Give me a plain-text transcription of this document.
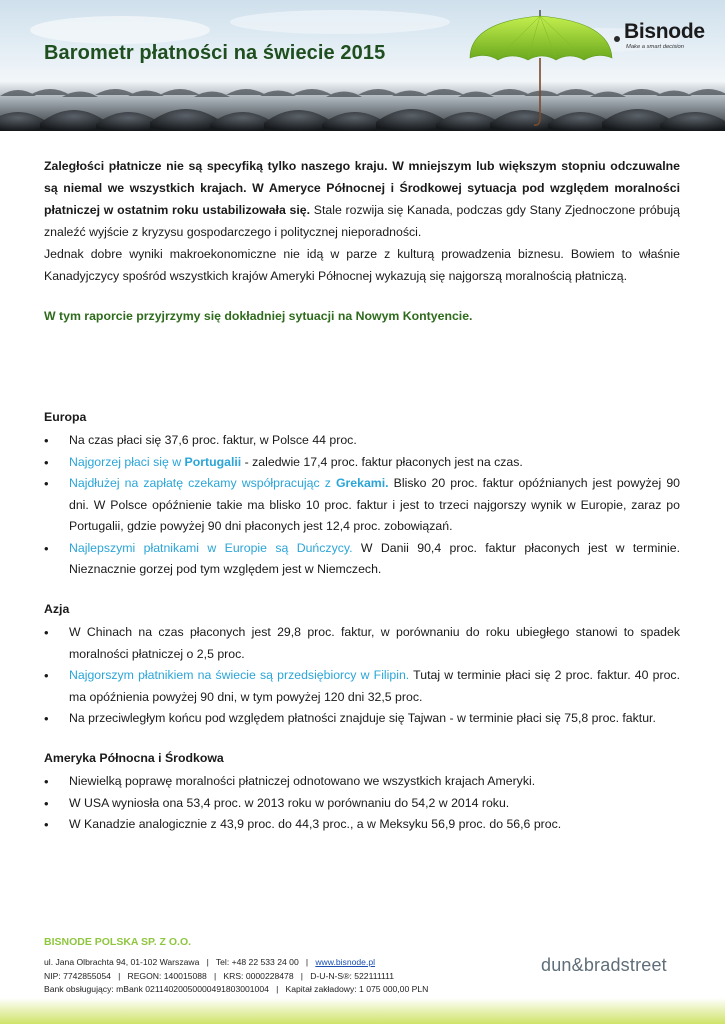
Barometr płatności na świecie 2015
Bisnode
Make a smart decision

Zaległości płatnicze nie są specyfiką tylko naszego kraju. W mniejszym lub większym stopniu odczuwalne są niemal we wszystkich krajach. W Ameryce Północnej i Środkowej sytuacja pod względem moralności płatniczej w ostatnim roku ustabilizowała się. Stale rozwija się Kanada, podczas gdy Stany Zjednoczone próbują znaleźć wyjście z kryzysu gospodarczego i politycznej nieporadności.
Jednak dobre wyniki makroekonomiczne nie idą w parze z kulturą prowadzenia biznesu. Bowiem to właśnie Kanadyjczycy spośród wszystkich krajów Ameryki Północnej wykazują się najgorszą moralnością płatniczą.

W tym raporcie przyjrzymy się dokładniej sytuacji na Nowym Kontyencie.

Europa
• Na czas płaci się 37,6 proc. faktur, w Polsce 44 proc.
• Najgorzej płaci się w Portugalii - zaledwie 17,4 proc. faktur płaconych jest na czas.
• Najdłużej na zapłatę czekamy współpracując z Grekami. Blisko 20 proc. faktur opóźnianych jest powyżej 90 dni. W Polsce opóźnienie takie ma blisko 10 proc. faktur i jest to trzeci najgorszy wynik w Europie, zaraz po Portugalii, gdzie powyżej 90 dni płaconych jest 12,4 proc. zobowiązań.
• Najlepszymi płatnikami w Europie są Duńczycy. W Danii 90,4 proc. faktur płaconych jest w terminie. Nieznacznie gorzej pod tym względem jest w Niemczech.
Azja
• W Chinach na czas płaconych jest 29,8 proc. faktur, w porównaniu do roku ubiegłego stanowi to spadek moralności płatniczej o 2,5 proc.
• Najgorszym płatnikiem na świecie są przedsiębiorcy w Filipin. Tutaj w terminie płaci się 2 proc. faktur. 40 proc. ma opóźnienia powyżej 90 dni, w tym powyżej 120 dni 32,5 proc.
• Na przeciwległym końcu pod względem płatności znajduje się Tajwan - w terminie płaci się 75,8 proc. faktur.
Ameryka Północna i Środkowa
• Niewielką poprawę moralności płatniczej odnotowano we wszystkich krajach Ameryki.
• W USA wyniosła ona 53,4 proc. w 2013 roku w porównaniu do 54,2 w 2014 roku.
• W Kanadzie analogicznie z 43,9 proc. do 44,3 proc., a w Meksyku 56,9 proc. do 56,6 proc.
BISNODE POLSKA SP. Z O.O.
ul. Jana Olbrachta 94, 01-102 Warszawa | Tel: +48 22 533 24 00 | www.bisnode.pl
NIP: 7742855054 | REGON: 140015088 | KRS: 0000228478 | D-U-N-S®: 522111111
Bank obsługujący: mBank 02114020050000491803001004 | Kapitał zakładowy: 1 075 000,00 PLN
dun&bradstreet
